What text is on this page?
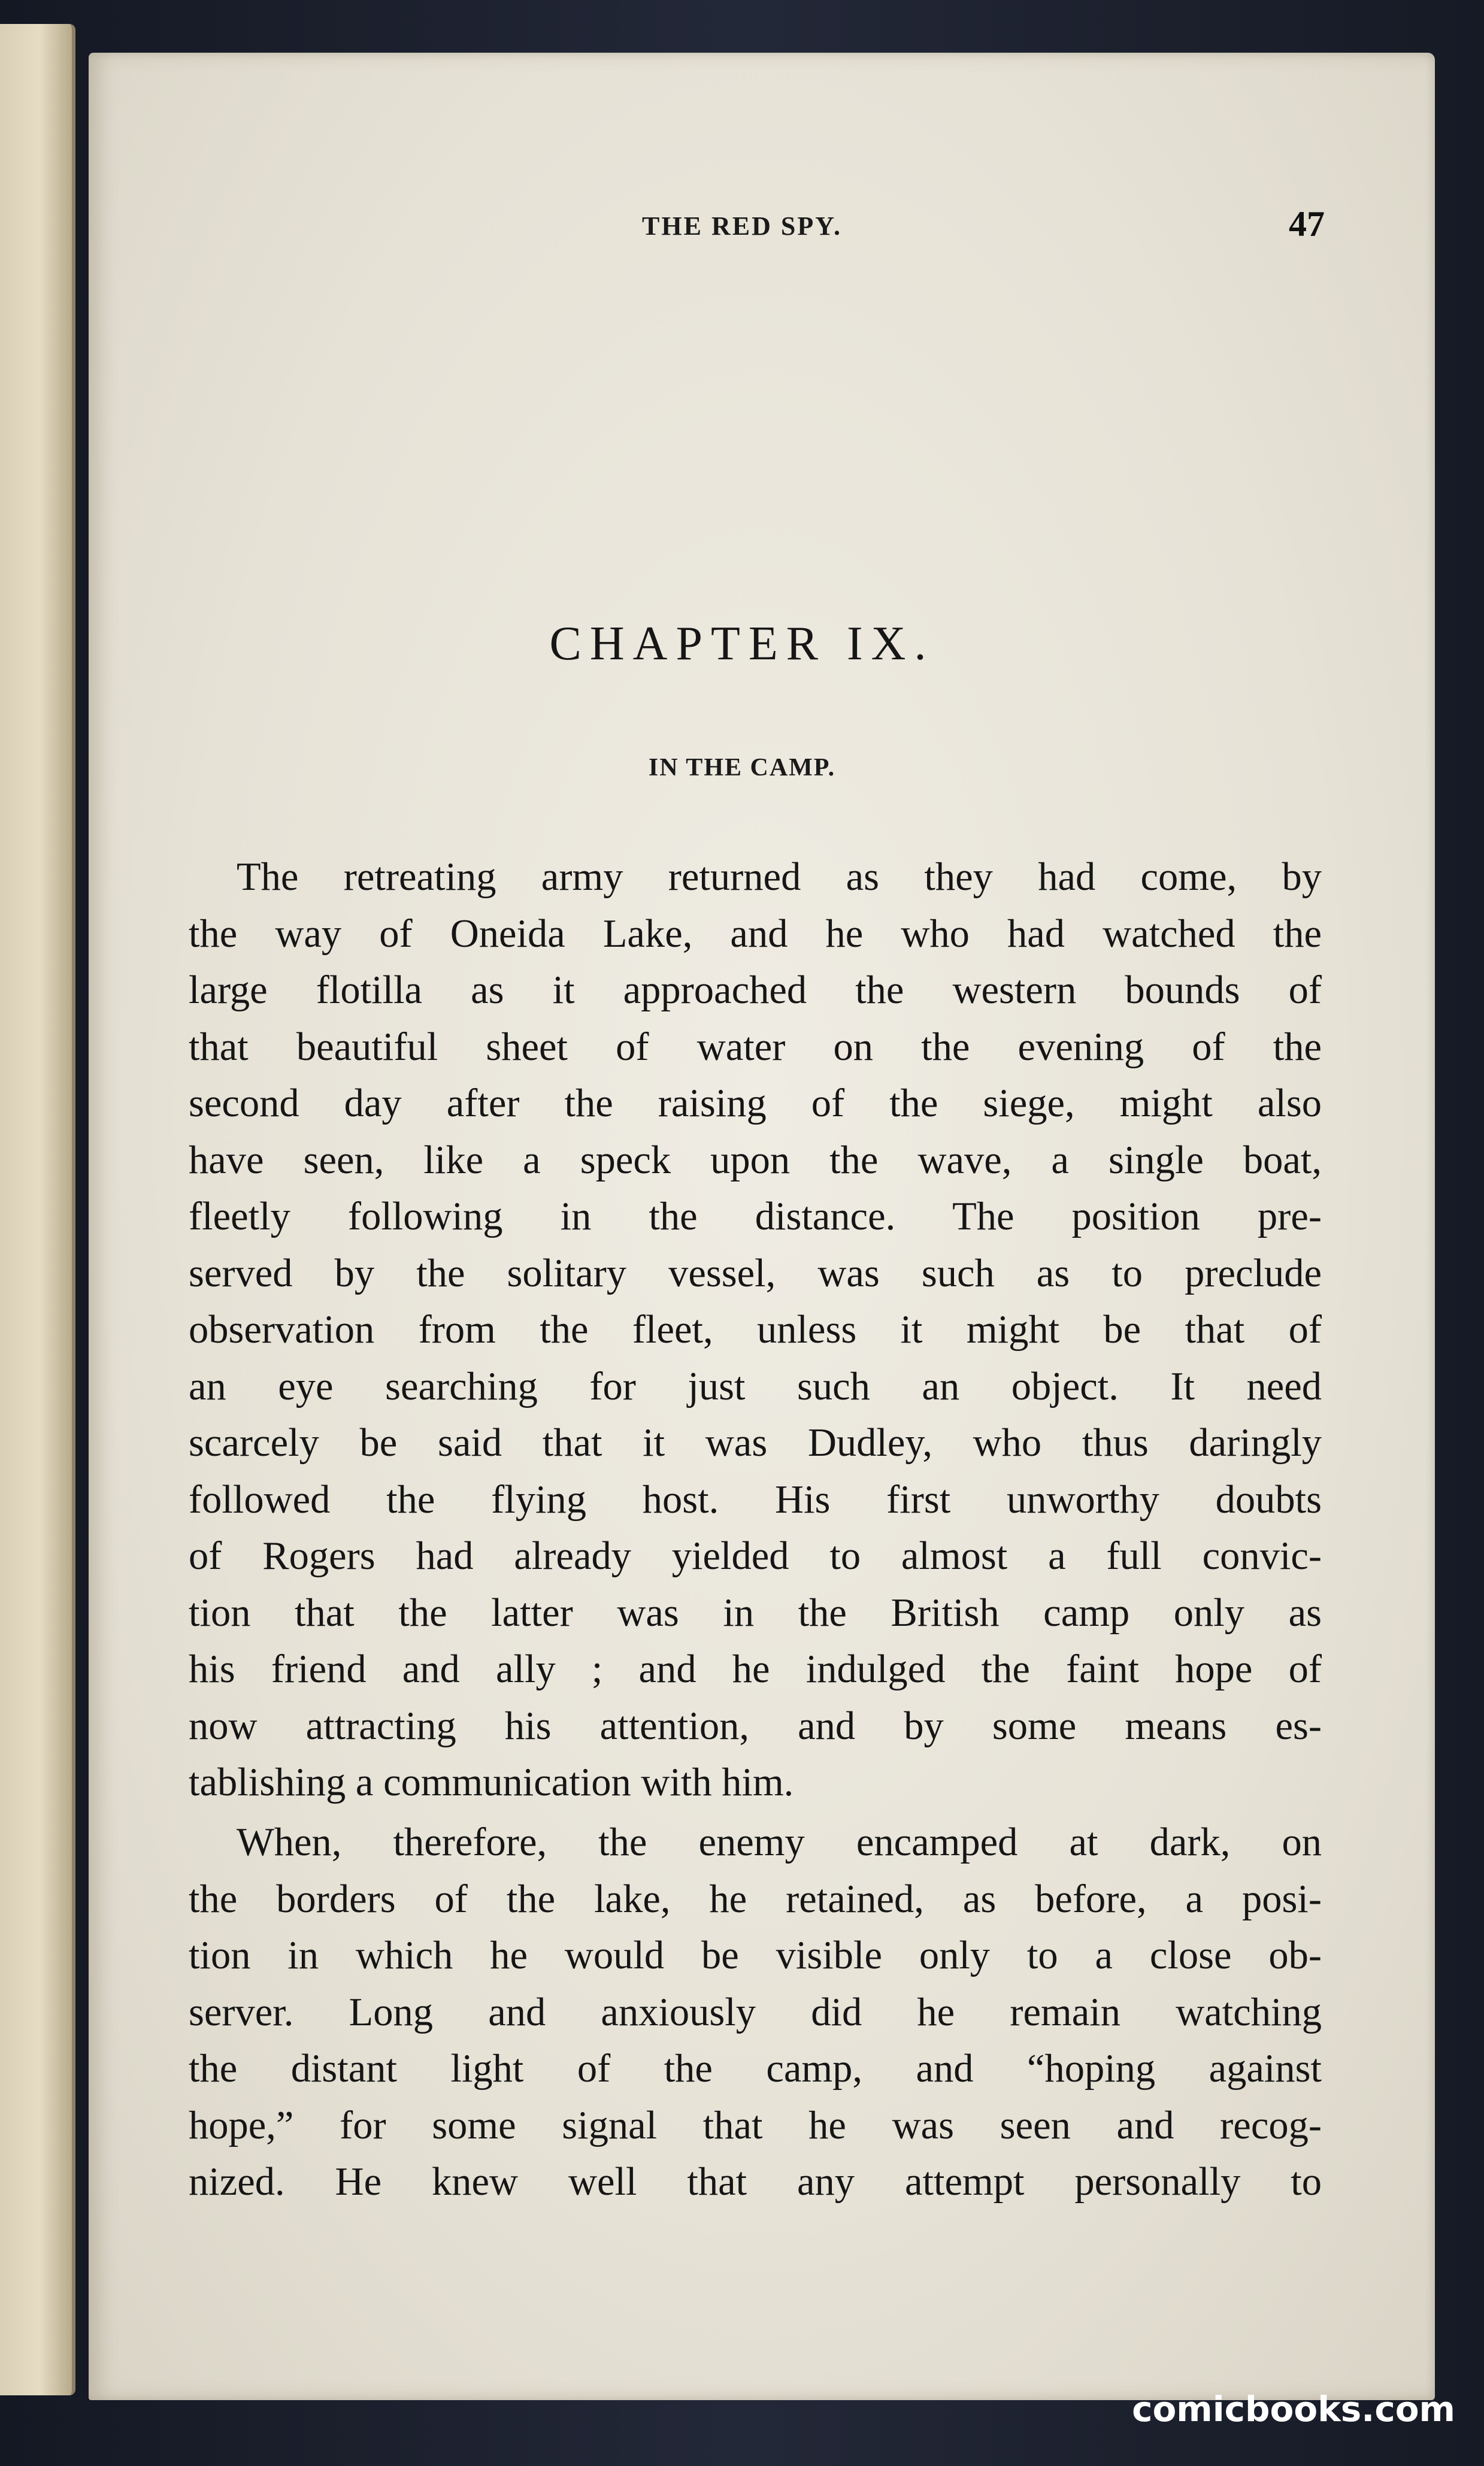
THE RED SPY.	47
CHAPTER IX.
IN THE CAMP.
The retreating army returned as they had come, by
the way of Oneida Lake, and he who had watched the
large flotilla as it approached the western bounds of
that beautiful sheet of water on the evening of the
second day after the raising of the siege, might also
have seen, like a speck upon the wave, a single boat,
fleetly following in the distance. The position pre-
served by the solitary vessel, was such as to preclude
observation from the fleet, unless it might be that of
an eye searching for just such an object. It need
scarcely be said that it was Dudley, who thus daringly
followed the flying host. His first unworthy doubts
of Rogers had already yielded to almost a full convic-
tion that the latter was in the British camp only as
his friend and ally ; and he indulged the faint hope of
now attracting his attention, and by some means es-
tablishing a communication with him.
When, therefore, the enemy encamped at dark, on
the borders of the lake, he retained, as before, a posi-
tion in which he would be visible only to a close ob-
server. Long and anxiously did he remain watching
the distant light of the camp, and “hoping against
hope,” for some signal that he was seen and recog-
nized. He knew well that any attempt personally to
comicbooks.com
